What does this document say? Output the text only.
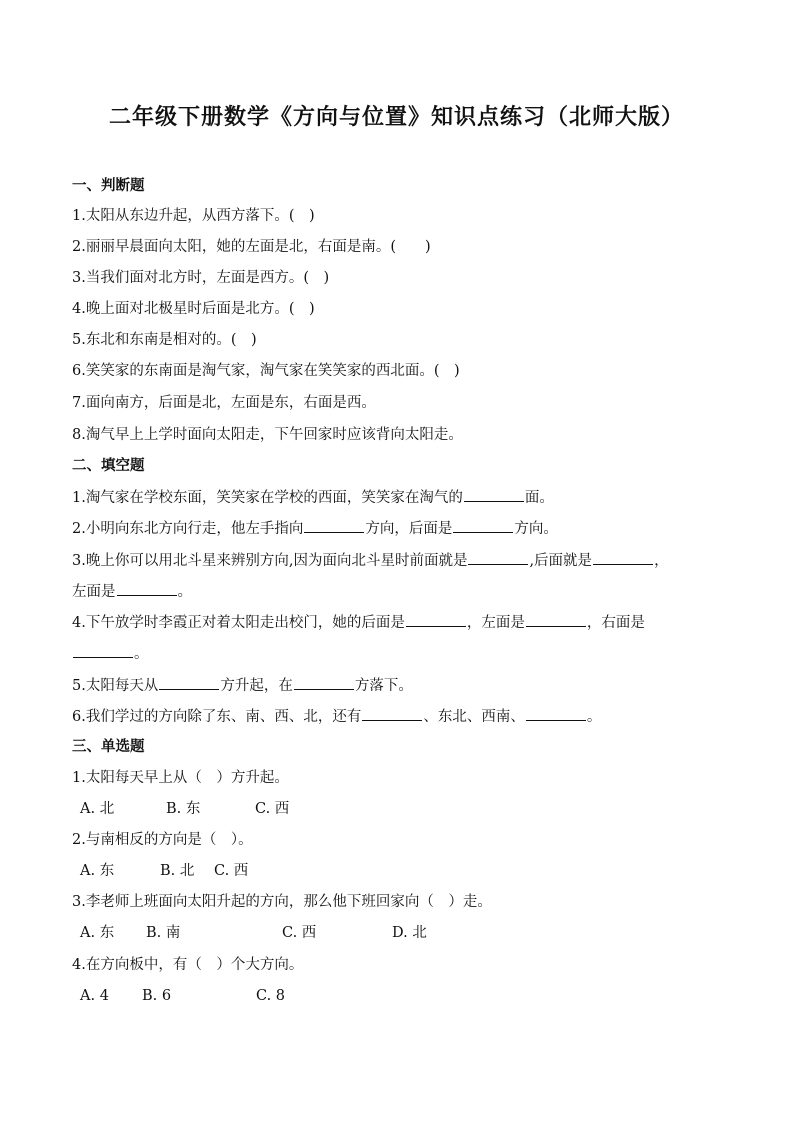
二年级下册数学《方向与位置》知识点练习（北师大版）
一、判断题
1.太阳从东边升起，从西方落下。(　)
2.丽丽早晨面向太阳，她的左面是北，右面是南。(　　)
3.当我们面对北方时，左面是西方。(　)
4.晚上面对北极星时后面是北方。(　)
5.东北和东南是相对的。(　)
6.笑笑家的东南面是淘气家，淘气家在笑笑家的西北面。(　)
7.面向南方，后面是北，左面是东，右面是西。
8.淘气早上上学时面向太阳走，下午回家时应该背向太阳走。
二、填空题
1.淘气家在学校东面，笑笑家在学校的西面，笑笑家在淘气的	面。
2.小明向东北方向行走，他左手指向	方向，后面是	方向。
3.晚上你可以用北斗星来辨别方向,因为面向北斗星时前面就是	,后面就是	，
左面是	。
4.下午放学时李霞正对着太阳走出校门，她的后面是	，左面是	，右面是
。
5.太阳每天从	方升起，在	方落下。
6.我们学过的方向除了东、南、西、北，还有	、东北、西南、	。
三、单选题
1.太阳每天早上从（　）方升起。
A. 北	B. 东	C. 西
2.与南相反的方向是（　）。
A. 东	B. 北 C. 西
3.李老师上班面向太阳升起的方向，那么他下班回家向（　）走。
A. 东 B. 南	C. 西	D. 北
4.在方向板中，有（　）个大方向。
A. 4 B. 6	C. 8
